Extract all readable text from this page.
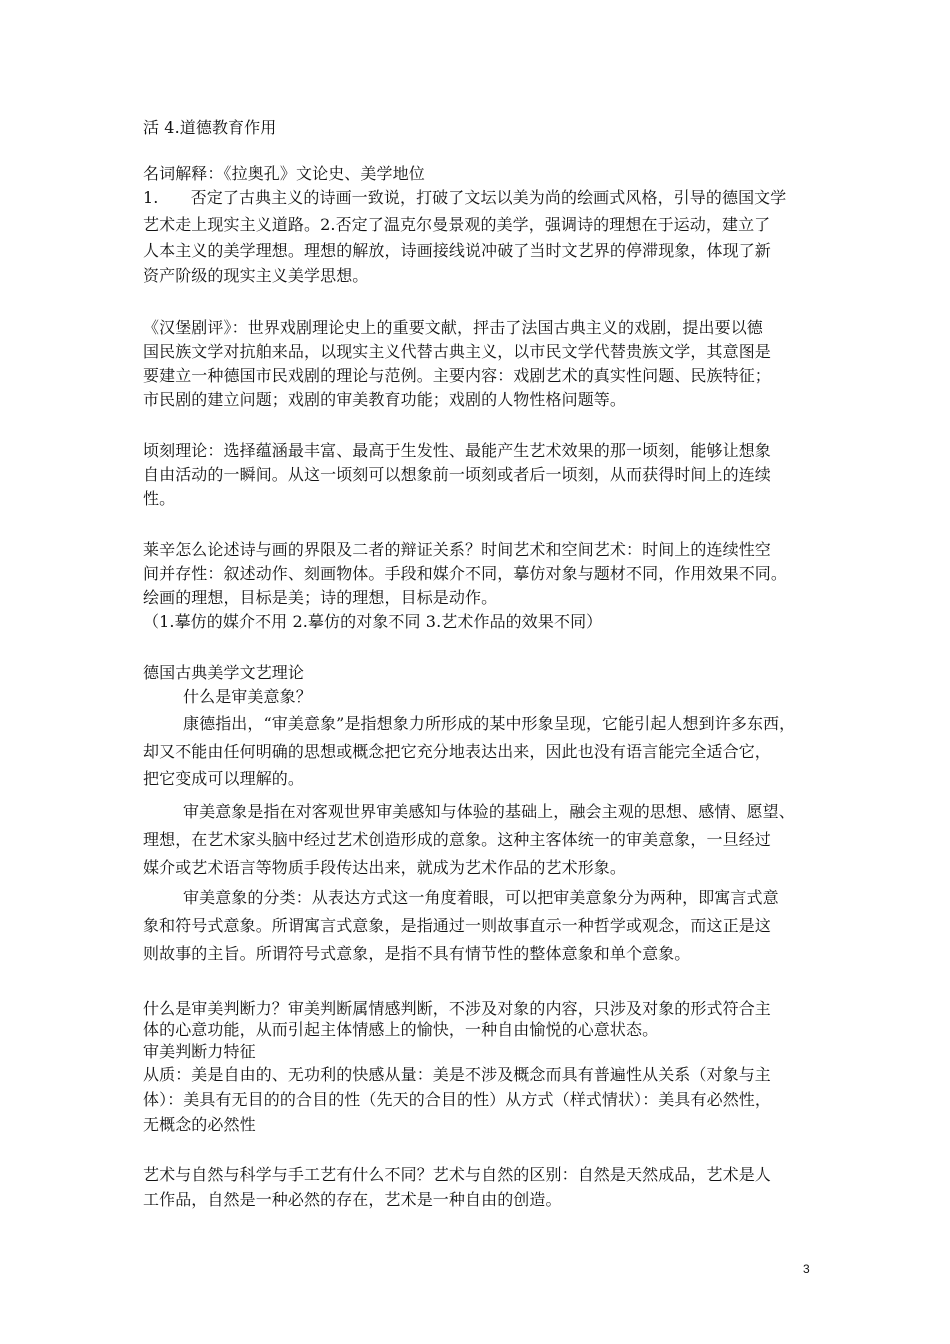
活 4.道德教育作用
名词解释：《拉奥孔》文论史、美学地位
1.　　否定了古典主义的诗画一致说，打破了文坛以美为尚的绘画式风格，引导的德国文学
艺术走上现实主义道路。2.否定了温克尔曼景观的美学，强调诗的理想在于运动，建立了
人本主义的美学理想。理想的解放，诗画接线说冲破了当时文艺界的停滞现象，体现了新
资产阶级的现实主义美学思想。
《汉堡剧评》：世界戏剧理论史上的重要文献，抨击了法国古典主义的戏剧，提出要以德
国民族文学对抗舶来品，以现实主义代替古典主义，以市民文学代替贵族文学，其意图是
要建立一种德国市民戏剧的理论与范例。主要内容：戏剧艺术的真实性问题、民族特征；
市民剧的建立问题；戏剧的审美教育功能；戏剧的人物性格问题等。
顷刻理论：选择蕴涵最丰富、最高于生发性、最能产生艺术效果的那一顷刻，能够让想象
自由活动的一瞬间。从这一顷刻可以想象前一顷刻或者后一顷刻，从而获得时间上的连续
性。
莱辛怎么论述诗与画的界限及二者的辩证关系？时间艺术和空间艺术：时间上的连续性空
间并存性：叙述动作、刻画物体。手段和媒介不同，摹仿对象与题材不同，作用效果不同。
绘画的理想，目标是美；诗的理想，目标是动作。
（1.摹仿的媒介不用 2.摹仿的对象不同 3.艺术作品的效果不同）
德国古典美学文艺理论
什么是审美意象？
康德指出，“审美意象”是指想象力所形成的某中形象呈现，它能引起人想到许多东西，
却又不能由任何明确的思想或概念把它充分地表达出来，因此也没有语言能完全适合它，
把它变成可以理解的。
审美意象是指在对客观世界审美感知与体验的基础上，融会主观的思想、感情、愿望、
理想，在艺术家头脑中经过艺术创造形成的意象。这种主客体统一的审美意象，一旦经过
媒介或艺术语言等物质手段传达出来，就成为艺术作品的艺术形象。
审美意象的分类：从表达方式这一角度着眼，可以把审美意象分为两种，即寓言式意
象和符号式意象。所谓寓言式意象，是指通过一则故事直示一种哲学或观念，而这正是这
则故事的主旨。所谓符号式意象，是指不具有情节性的整体意象和单个意象。
什么是审美判断力？审美判断属情感判断，不涉及对象的内容，只涉及对象的形式符合主
体的心意功能，从而引起主体情感上的愉快，一种自由愉悦的心意状态。
审美判断力特征
从质：美是自由的、无功利的快感从量：美是不涉及概念而具有普遍性从关系（对象与主
体）：美具有无目的的合目的性（先天的合目的性）从方式（样式情状）：美具有必然性，
无概念的必然性
艺术与自然与科学与手工艺有什么不同？艺术与自然的区别：自然是天然成品，艺术是人
工作品，自然是一种必然的存在，艺术是一种自由的创造。
3
